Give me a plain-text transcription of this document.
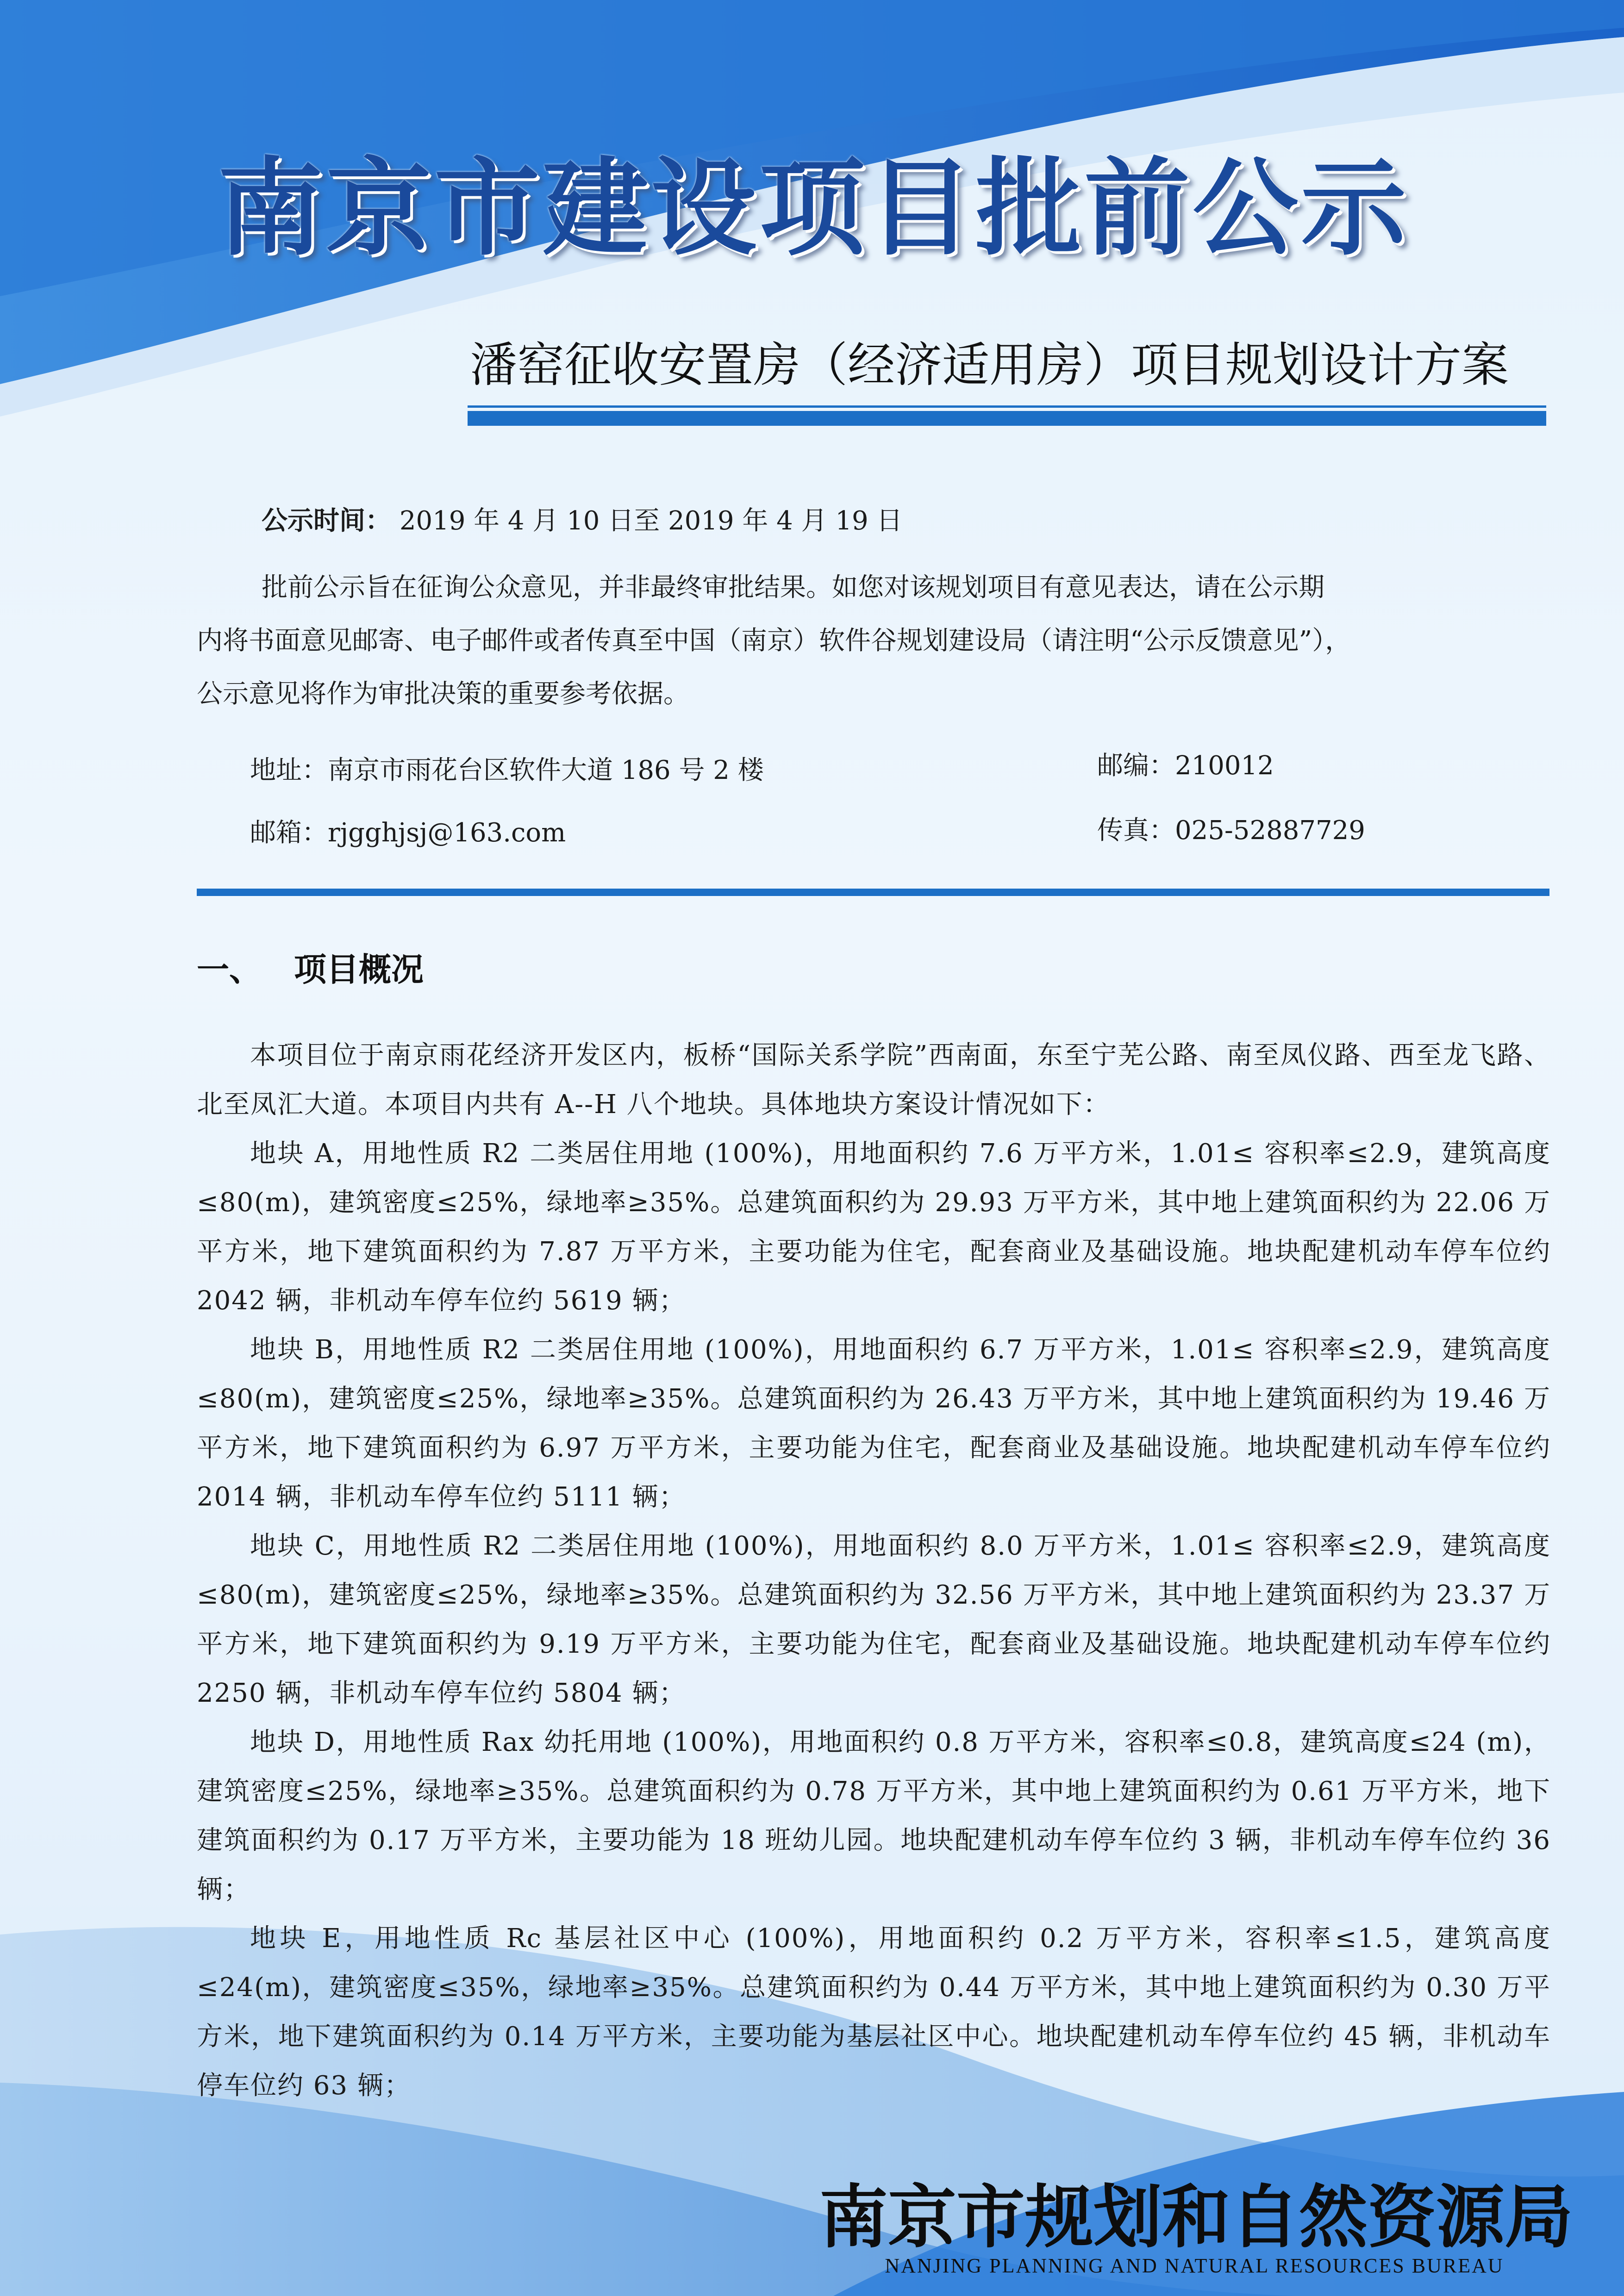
南京市建设项目批前公示
潘窑征收安置房（经济适用房）项目规划设计方案
公示时间： 2019 年 4 月 10 日至 2019 年 4 月 19 日
批前公示旨在征询公众意见，并非最终审批结果。如您对该规划项目有意见表达，请在公示期
内将书面意见邮寄、电子邮件或者传真至中国（南京）软件谷规划建设局（请注明“公示反馈意见”），
公示意见将作为审批决策的重要参考依据。
地址：南京市雨花台区软件大道 186 号 2 楼	邮编：210012
邮箱：rjgghjsj@163.com	传真：025-52887729
一、 项目概况

本项目位于南京雨花经济开发区内，板桥“国际关系学院”西南面，东至宁芜公路、南至凤仪路、西至龙飞路、北至凤汇大道。本项目内共有 A--H 八个地块。具体地块方案设计情况如下：

地块 A，用地性质 R2 二类居住用地 (100%)，用地面积约 7.6 万平方米，1.01≤ 容积率≤2.9，建筑高度≤80(m)，建筑密度≤25%，绿地率≥35%。总建筑面积约为 29.93 万平方米，其中地上建筑面积约为 22.06 万平方米，地下建筑面积约为 7.87 万平方米，主要功能为住宅，配套商业及基础设施。地块配建机动车停车位约 2042 辆，非机动车停车位约 5619 辆；

地块 B，用地性质 R2 二类居住用地 (100%)，用地面积约 6.7 万平方米，1.01≤ 容积率≤2.9，建筑高度≤80(m)，建筑密度≤25%，绿地率≥35%。总建筑面积约为 26.43 万平方米，其中地上建筑面积约为 19.46 万平方米，地下建筑面积约为 6.97 万平方米，主要功能为住宅，配套商业及基础设施。地块配建机动车停车位约 2014 辆，非机动车停车位约 5111 辆；

地块 C，用地性质 R2 二类居住用地 (100%)，用地面积约 8.0 万平方米，1.01≤ 容积率≤2.9，建筑高度≤80(m)，建筑密度≤25%，绿地率≥35%。总建筑面积约为 32.56 万平方米，其中地上建筑面积约为 23.37 万平方米，地下建筑面积约为 9.19 万平方米，主要功能为住宅，配套商业及基础设施。地块配建机动车停车位约 2250 辆，非机动车停车位约 5804 辆；

地块 D，用地性质 Rax 幼托用地 (100%)，用地面积约 0.8 万平方米，容积率≤0.8，建筑高度≤24 (m)，建筑密度≤25%，绿地率≥35%。总建筑面积约为 0.78 万平方米，其中地上建筑面积约为 0.61 万平方米，地下建筑面积约为 0.17 万平方米，主要功能为 18 班幼儿园。地块配建机动车停车位约 3 辆，非机动车停车位约 36 辆；

地块 E，用地性质 Rc 基层社区中心 (100%)，用地面积约 0.2 万平方米，容积率≤1.5，建筑高度≤24(m)，建筑密度≤35%，绿地率≥35%。总建筑面积约为 0.44 万平方米，其中地上建筑面积约为 0.30 万平方米，地下建筑面积约为 0.14 万平方米，主要功能为基层社区中心。地块配建机动车停车位约 45 辆，非机动车停车位约 63 辆；

南京市规划和自然资源局
NANJING PLANNING AND NATURAL RESOURCES BUREAU
